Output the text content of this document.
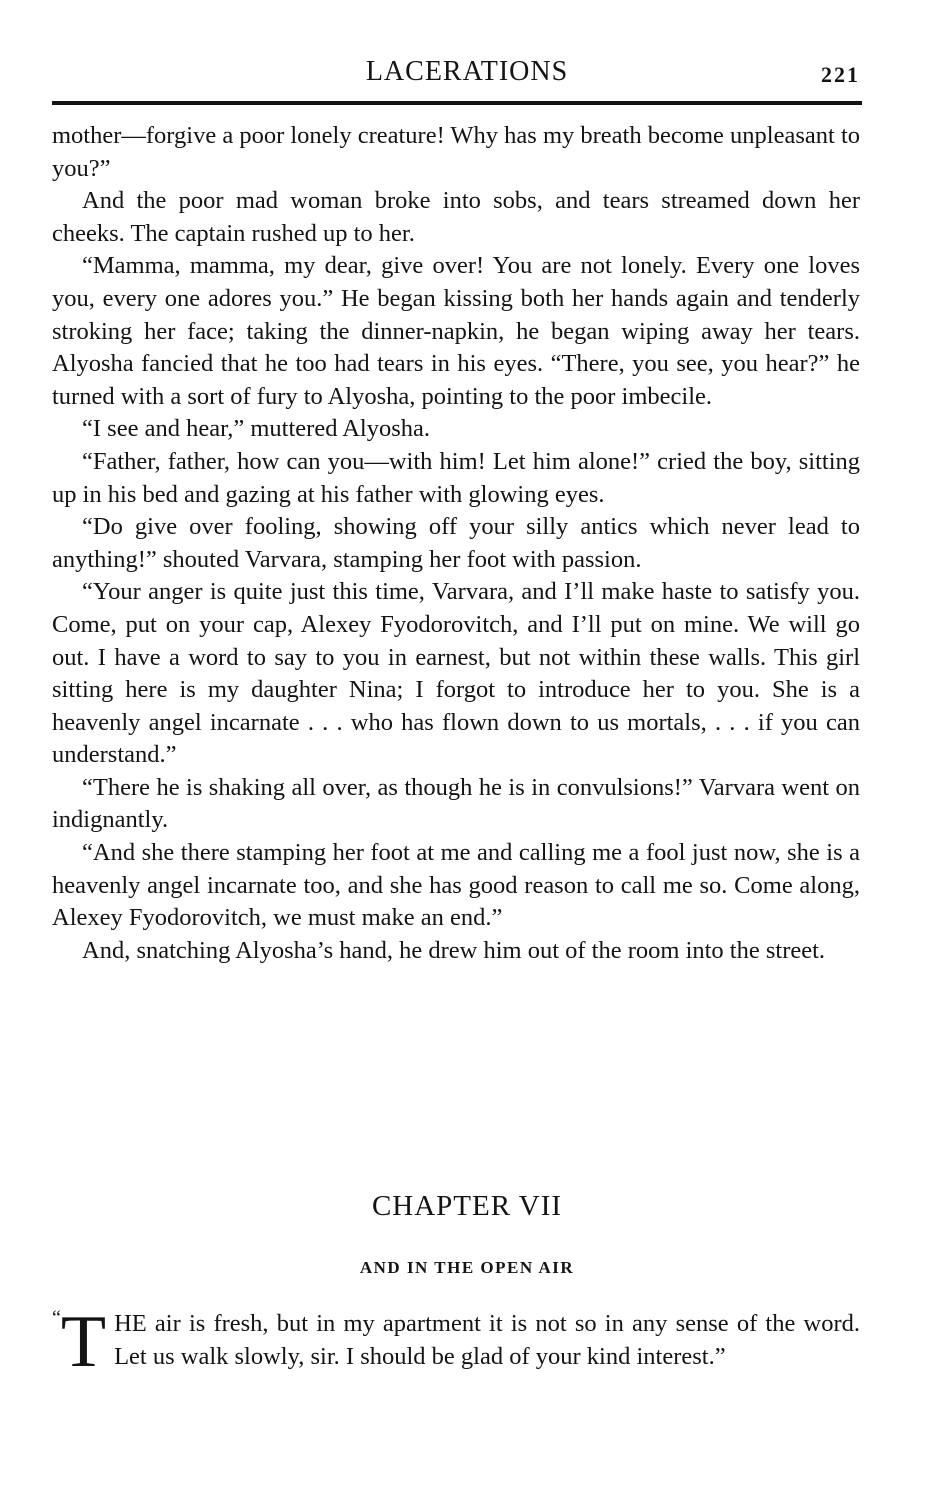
LACERATIONS	221

mother—forgive a poor lonely creature! Why has my breath become unpleasant to you?”

And the poor mad woman broke into sobs, and tears streamed down her cheeks. The captain rushed up to her.

“Mamma, mamma, my dear, give over! You are not lonely. Every one loves you, every one adores you.” He began kissing both her hands again and tenderly stroking her face; taking the dinner-napkin, he began wiping away her tears. Alyosha fancied that he too had tears in his eyes. “There, you see, you hear?” he turned with a sort of fury to Alyosha, pointing to the poor imbecile.

“I see and hear,” muttered Alyosha.

“Father, father, how can you—with him! Let him alone!” cried the boy, sitting up in his bed and gazing at his father with glowing eyes.

“Do give over fooling, showing off your silly antics which never lead to anything!” shouted Varvara, stamping her foot with passion.

“Your anger is quite just this time, Varvara, and I’ll make haste to satisfy you. Come, put on your cap, Alexey Fyodorovitch, and I’ll put on mine. We will go out. I have a word to say to you in earnest, but not within these walls. This girl sitting here is my daughter Nina; I forgot to introduce her to you. She is a heavenly angel incarnate . . . who has flown down to us mortals, . . . if you can understand.”

“There he is shaking all over, as though he is in convulsions!” Varvara went on indignantly.

“And she there stamping her foot at me and calling me a fool just now, she is a heavenly angel incarnate too, and she has good reason to call me so. Come along, Alexey Fyodorovitch, we must make an end.”

And, snatching Alyosha’s hand, he drew him out of the room into the street.

CHAPTER VII
AND IN THE OPEN AIR

“ T HE air is fresh, but in my apartment it is not so in any sense of the word. Let us walk slowly, sir. I should be glad of your kind interest.”
